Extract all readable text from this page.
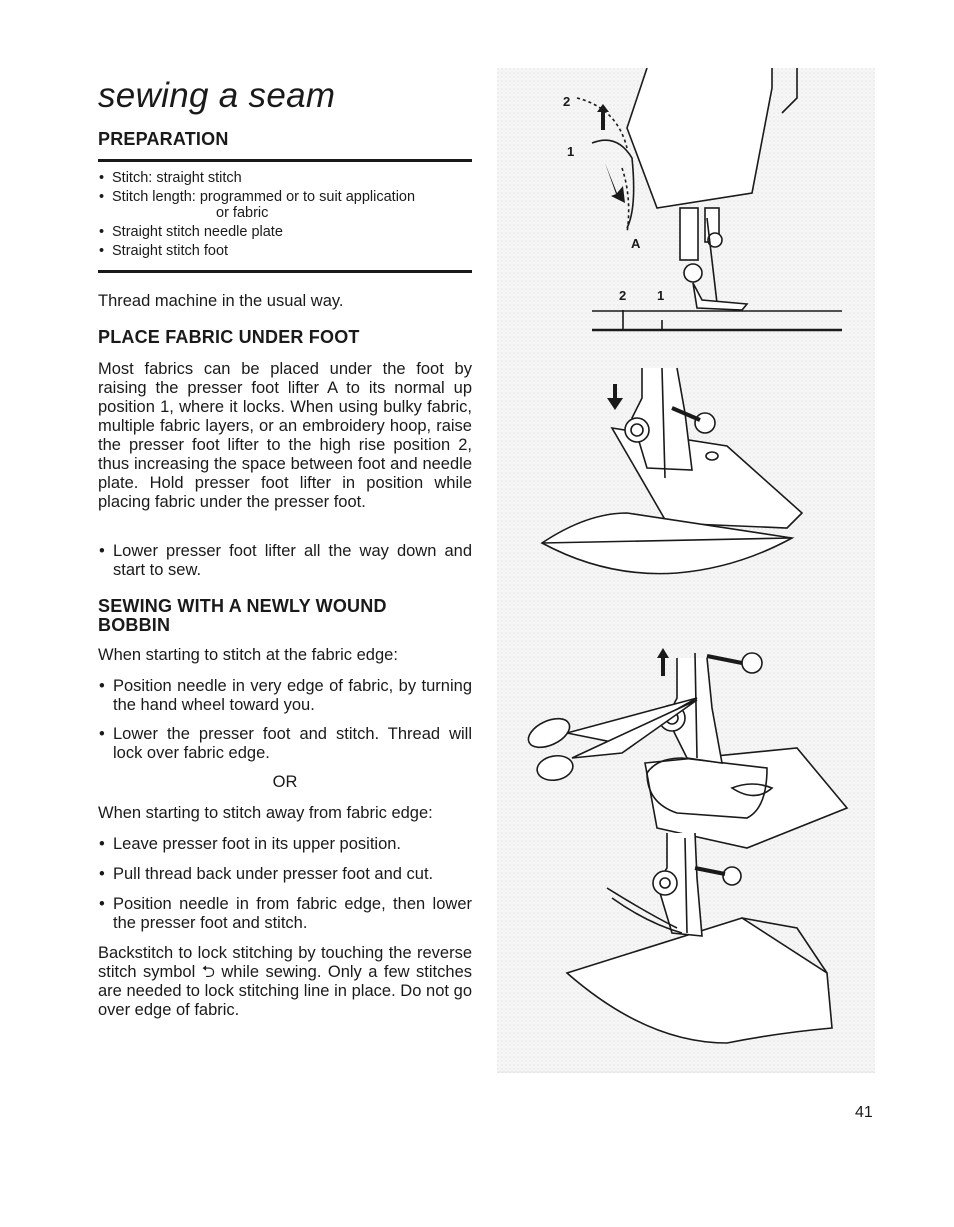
sewing a seam
PREPARATION
• Stitch: straight stitch
• Stitch length: programmed or to suit application
or fabric
• Straight stitch needle plate
• Straight stitch foot

Thread machine in the usual way.

PLACE FABRIC UNDER FOOT

Most fabrics can be placed under the foot by raising the presser foot lifter A to its normal up position 1, where it locks. When using bulky fabric, multiple fabric layers, or an embroidery hoop, raise the presser foot lifter to the high rise position 2, thus increasing the space between foot and needle plate. Hold presser foot lifter in position while placing fabric under the presser foot.

• Lower presser foot lifter all the way down and start to sew.

SEWING WITH A NEWLY WOUND
BOBBIN

When starting to stitch at the fabric edge:

• Position needle in very edge of fabric, by turning the hand wheel toward you.

• Lower the presser foot and stitch. Thread will lock over fabric edge.

OR

When starting to stitch away from fabric edge:

• Leave presser foot in its upper position.

• Pull thread back under presser foot and cut.

• Position needle in from fabric edge, then lower the presser foot and stitch.

Backstitch to lock stitching by touching the reverse stitch symbol ⮌ while sewing. Only a few stitches are needed to lock stitching line in place. Do not go over edge of fabric.

2
1
A
2 1

41
